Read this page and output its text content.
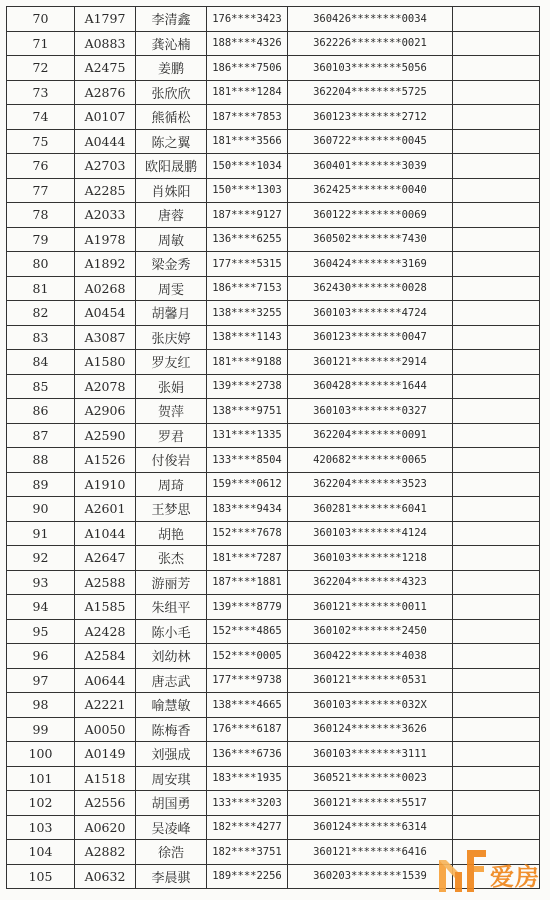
70	A1797	李清鑫	176****3423	360426********0034	
71	A0883	龚沁楠	188****4326	362226********0021	
72	A2475	姜鹏	186****7506	360103********5056	
73	A2876	张欣欣	181****1284	362204********5725	
74	A0107	熊循松	187****7853	360123********2712	
75	A0444	陈之翼	181****3566	360722********0045	
76	A2703	欧阳晟鹏	150****1034	360401********3039	
77	A2285	肖姝阳	150****1303	362425********0040	
78	A2033	唐蓉	187****9127	360122********0069	
79	A1978	周敏	136****6255	360502********7430	
80	A1892	梁金秀	177****5315	360424********3169	
81	A0268	周雯	186****7153	362430********0028	
82	A0454	胡馨月	138****3255	360103********4724	
83	A3087	张庆婷	138****1143	360123********0047	
84	A1580	罗友红	181****9188	360121********2914	
85	A2078	张娟	139****2738	360428********1644	
86	A2906	贺萍	138****9751	360103********0327	
87	A2590	罗君	131****1335	362204********0091	
88	A1526	付俊岩	133****8504	420682********0065	
89	A1910	周琦	159****0612	362204********3523	
90	A2601	王梦思	183****9434	360281********6041	
91	A1044	胡艳	152****7678	360103********4124	
92	A2647	张杰	181****7287	360103********1218	
93	A2588	游丽芳	187****1881	362204********4323	
94	A1585	朱组平	139****8779	360121********0011	
95	A2428	陈小毛	152****4865	360102********2450	
96	A2584	刘幼林	152****0005	360422********4038	
97	A0644	唐志武	177****9738	360121********0531	
98	A2221	喻慧敏	138****4665	360103********032X	
99	A0050	陈梅香	176****6187	360124********3626	
100	A0149	刘强成	136****6736	360103********3111	
101	A1518	周安琪	183****1935	360521********0023	
102	A2556	胡国勇	133****3203	360121********5517	
103	A0620	吴凌峰	182****4277	360124********6314	
104	A2882	徐浩	182****3751	360121********6416	
105	A0632	李晨骐	189****2256	360203********1539		爱房
